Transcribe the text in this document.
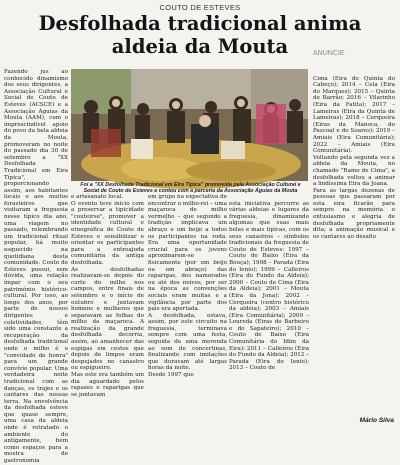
COUTO DE ESTEVES
Desfolhada tradicional anima
aldeia da Mouta	ANUNCIE
Fazendo jus ao conhecido dinamismo dos seus dirigentes, a Associação Cultural e Social de Couto de Esteves (ACSCE) e a Associação Águias da Mouta (AAM), com o imprescindível apoio do povo da bela aldeia da Mouta, promoveram no noite do passado dia 30 de setembro a "XX Desfolhada Tradicional em Eira Típica", proporcionando assim, aos habitantes locais e aos muitos forasteiros que visitaram a freguesia nesse típico dia ano, uma viagem no passado, relembrando um tradicional ritual popular, há muito esquecido na quotidiana desta comunidade. Couto de Esteves possui, sem dúvida, uma relação ímpar com o seu património histórico-cultural. Por isso, ao longo dos anos, por parte de nossos dirigentes e coletividades, têm sido uma constante a recuperação da desfolhada tradicional onde o milho é o "convidado de honra" para um grande convívio popular. Uma verdadeira noite tradicional com as danças, os trajes e os cantares das nossas terra. Na envolvência da desfolhada esteve que quase sempre, uma casa da aldeia onde é retratado o ambiente do antigamente, bem como espaços para a mostra de gastronomia
Foi a "XX Desfolhada Tradicional em Eira Típica" promovida pela Associação Cultural e Social de Couto de Esteves e contou com a parceria da Associação Águias da Mouta
e artesanato local.
O evento teve início com a preservar a tipicidade "couteirse", promover a identidade cultural e etnográfica de Couto de Esteves e sensibilizar e orientar os participantes para a entreajuda comunitária da antiga desfolhada.
As desfolhadas realizavam-se depois do corte do milho nos campos, entre finais de setembro e o início de outubro e juntavam homens e mulheres que separavam as folhas do milho da maçaroca. A realização da grande desfolhada decorria, assim, ao amanhecer das espigas em cestos que depois de limpos eram despejados no canastro ou espigueiro.
Mas este era também um dia aguardado pelos rapazes e raparigas que se juntavam
em grupo na expectativa de encontrar o milho-rei – uma maçaroca de milho vermelho – que segundo a tradição implicava um abraço e um beijo a todos os participantes na roda. Era uma oportunidade crucial para os jovens aproximarem-se fisicamente (por um beijo ou um abraço) das raparigas, dos namorados ou até dos noivos, por ser na época as convenções sociais eram muitas e a vigilância por parte dos pais era apertada.
A desfolhada, estava, assim, por este circuito na freguesia, terminava sempre com uma festa, seguida de uma merenda ao som de concertinas, finalizando com imitações que duravam até largas horas da noite.
Desde 1997 que

esta iniciativa percorre as várias aldeias e lugares da freguesia, dinamizando algumas que suas mais belas e mais típicas, com os seus canastros – símbolos tradicionais da freguesia de Couto de Esteves: 1997 – Couto de Baixo (Eira da Bouça); 1998 – Parada (Eira do Ienio); 1999 – Calleiros (Eira do Fundo da Aldeia); 2000 – Couto de Cima (Eira da Aldeia); 2001 – Mouta (Eira da Jona); 2002 – Cerqueira (centro histórico da aldeia); 2003 – Amiais (Eira Comunitária); 2009 – Loureda (Eiras do Barbeiro e do Sapateiro); 2010 – Couto de Baixo (Eira Comunitária do Idim da Eira); 2011 – Calleiros (Eira do Fundo da Aldeia); 2012 – Parada (Eira do Ienio); 2013 – Couto de

Cima (Eira do Quinta do Cabeço); 2014 – Cela (Eira do Marques); 2015 – Quinta de Barrão; 2016 – Vilarinho (Eira da Fatita); 2017 – Lameiras (Eira da Quinta de Lameiras); 2018 – Cerqueira (Eiras da Manoca, do Pascoal e do Soares); 2019 – Amiais (Eira Comunitária); 2022 – Amiais (Eira Comunitária).
Voltando pela segunda vez a aldeia da Mouta, no chamado "Ramo de Cima", a desfolhada voltou a animar a lindíssima Eira da Joana.
Para as largas dezenas de pessoas que passaram por esta eira ficarão para sempre na memória o entusiasmo e alegria de desfolhada propriamente dita; a animação musical e os cantares ao desafio

Mário Silva
